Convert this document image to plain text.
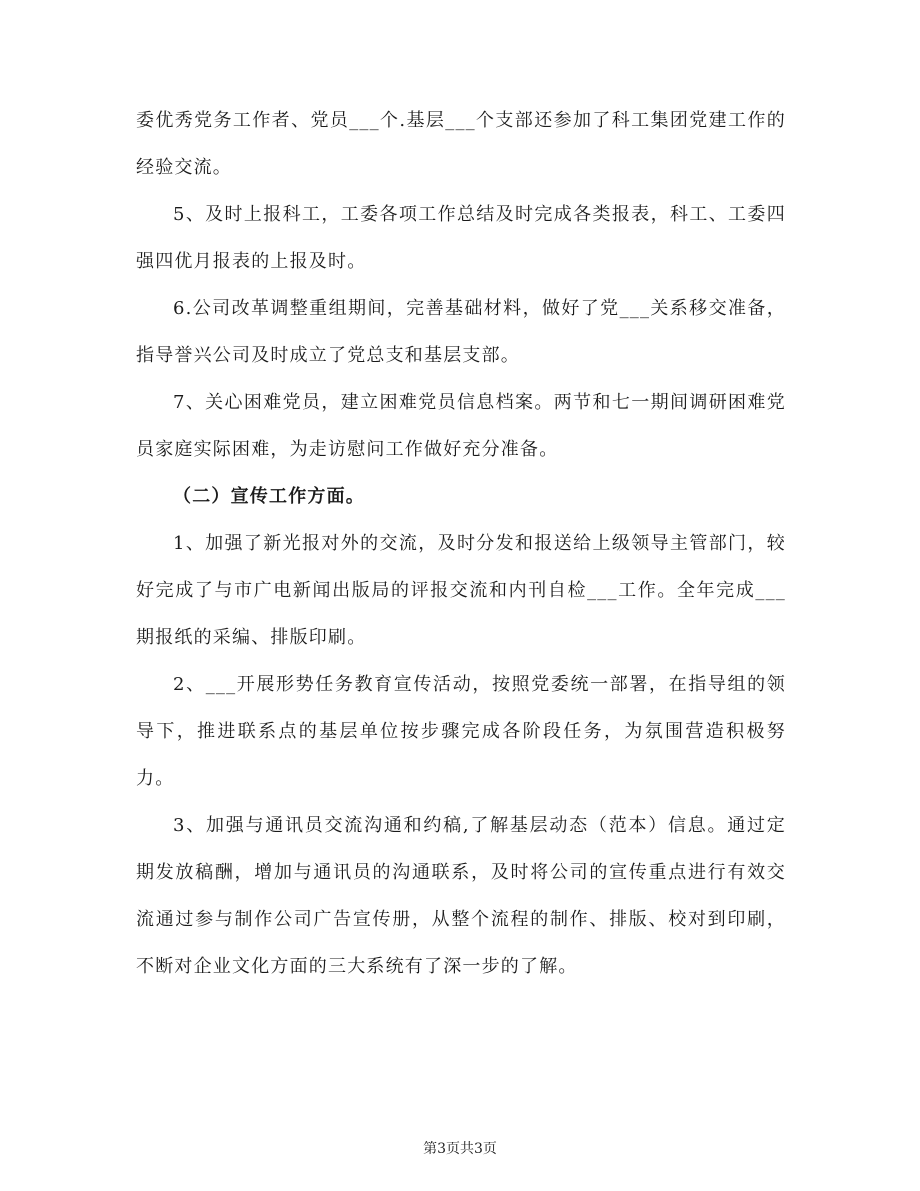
委优秀党务工作者、党员___个.基层___个支部还参加了科工集团党建工作的经验交流。

5、及时上报科工，工委各项工作总结及时完成各类报表，科工、工委四强四优月报表的上报及时。

6.公司改革调整重组期间，完善基础材料，做好了党___关系移交准备，指导誉兴公司及时成立了党总支和基层支部。

7、关心困难党员，建立困难党员信息档案。两节和七一期间调研困难党员家庭实际困难，为走访慰问工作做好充分准备。

（二）宣传工作方面。

1、加强了新光报对外的交流，及时分发和报送给上级领导主管部门，较好完成了与市广电新闻出版局的评报交流和内刊自检___工作。全年完成___期报纸的采编、排版印刷。

2、___开展形势任务教育宣传活动，按照党委统一部署，在指导组的领导下，推进联系点的基层单位按步骤完成各阶段任务，为氛围营造积极努力。

3、加强与通讯员交流沟通和约稿,了解基层动态（范本）信息。通过定期发放稿酬，增加与通讯员的沟通联系，及时将公司的宣传重点进行有效交流通过参与制作公司广告宣传册，从整个流程的制作、排版、校对到印刷，不断对企业文化方面的三大系统有了深一步的了解。

第3页共3页
